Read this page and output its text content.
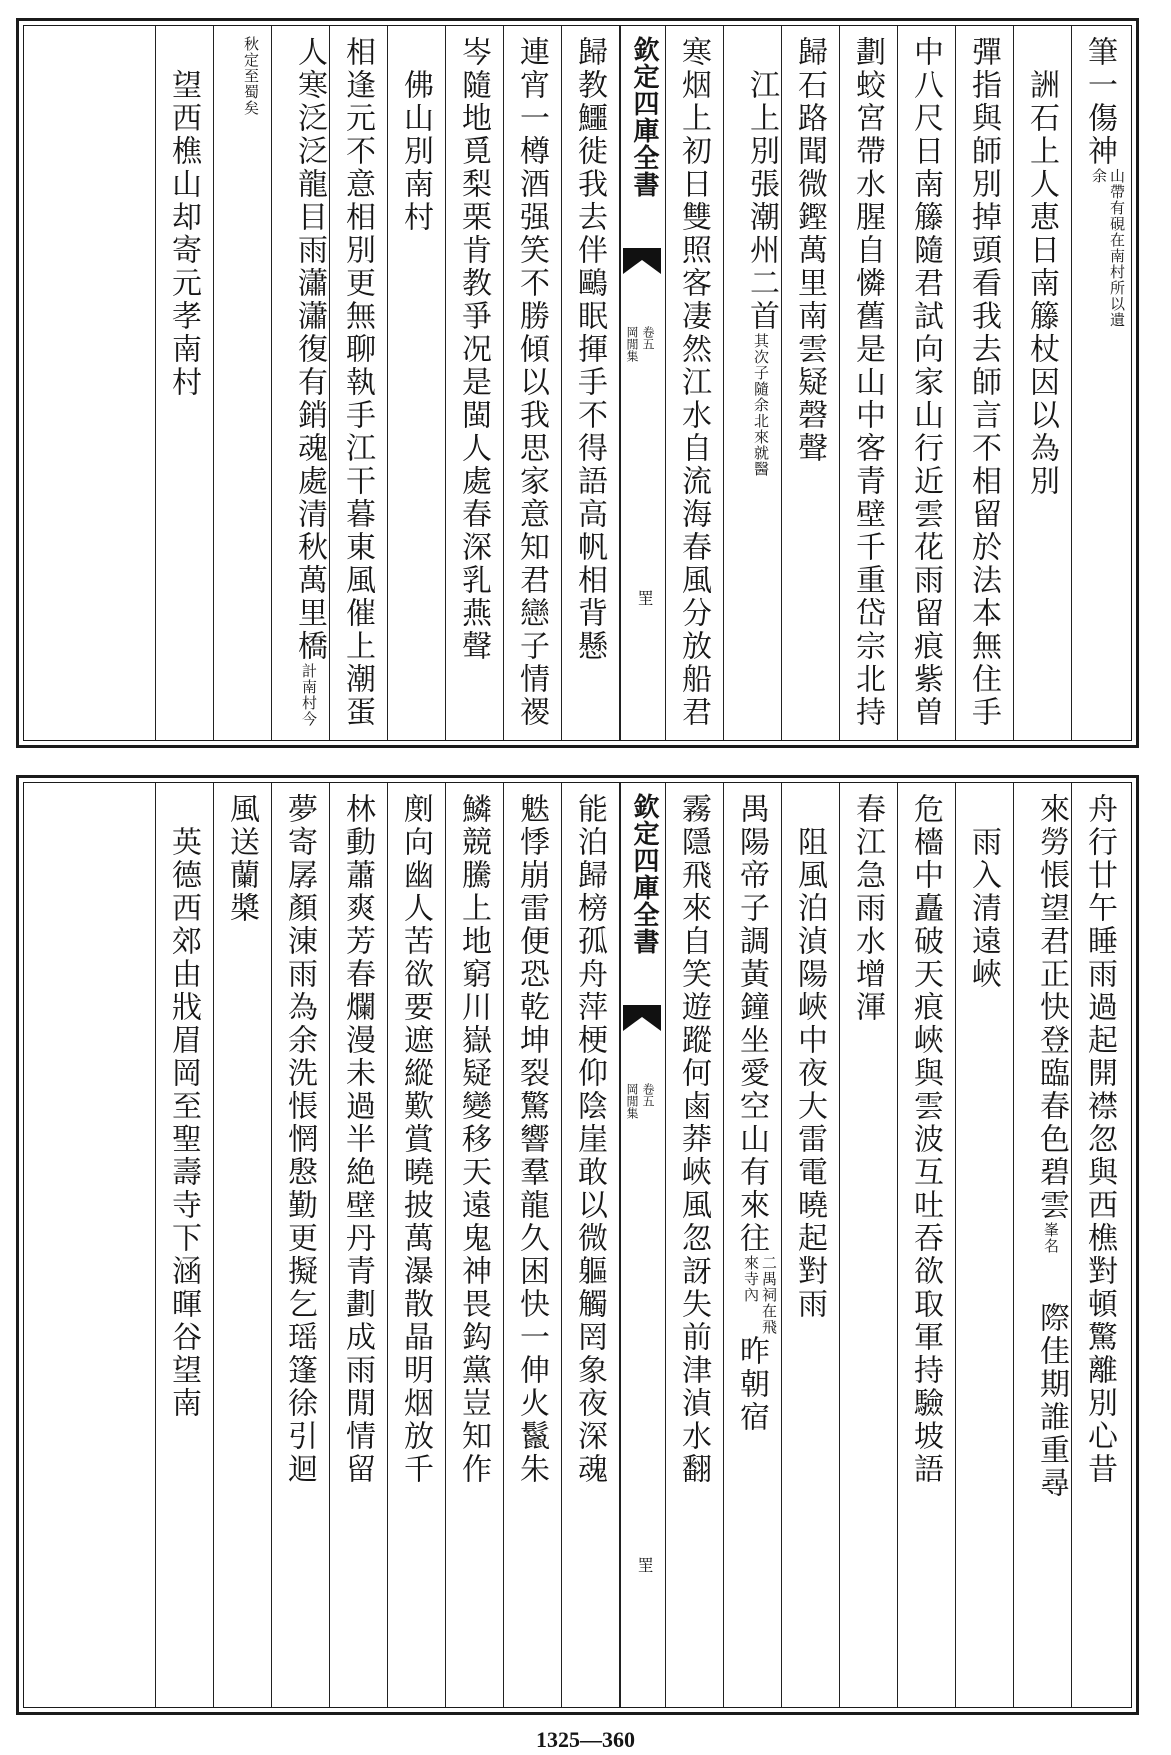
筆一傷神山帶有硯在南村所以遺余
　詶石上人恵日南籐杖因以為別
彈指與師別掉頭看我去師言不相留於法本無住手
中八尺日南籐隨君試向家山行近雲花雨留痕紫曽
劃蛟宮帶水腥自憐舊是山中客青壁千重岱宗北持
歸石路聞微鏗萬里南雲疑磬聲
　江上別張潮州二首其次子隨余北來就醫
寒烟上初日雙照客凄然江水自流海春風分放船君
欽定四庫全書
岡閒集 卷五
罜
歸教鱷徙我去伴鷗眠揮手不得語高帆相背懸
連宵一樽酒强笑不勝傾以我思家意知君戀子情禝
岑隨地覓梨栗肯教爭况是閩人處春深乳燕聲
　佛山別南村
相逢元不意相別更無聊執手江干暮東風催上潮蛋
人寒泛泛龍目雨瀟瀟復有銷魂處清秋萬里橋計南村今
秋定至蜀矣
　望西樵山却寄元孝南村
舟行廿午睡雨過起開襟忽與西樵對頓驚離別心昔
來勞悵望君正快登臨春色碧雲峯名際佳期誰重尋
　雨入清遠峽
危檣中矗破天痕峽與雲波互吐吞欲取軍持驗坡語
春江急雨水增渾
　阻風泊湞陽峽中夜大雷電曉起對雨
禺陽帝子調黃鐘坐愛空山有來往二禺祠在飛來寺內昨朝宿
霧隱飛來自笑遊蹤何鹵莽峽風忽訝失前津湞水翻
欽定四庫全書
岡閒集 卷五
罜
能泊歸榜孤舟萍梗仰陰崖敢以微軀觸罔象夜深魂
䰡悸崩雷便恐乾坤裂驚響羣龍久困快一伸火鬣朱
鱗競騰上地窮川嶽疑變移天遠鬼神畏鈎黨豈知作
剫向幽人苦欲要遮縱歎賞曉披萬瀑散晶明烟放千
林動蕭爽芳春爛漫未過半絶壁丹青劃成雨閒情留
夢寄孱顏涷雨為余洗悵惘慇勤更擬乞瑶篷徐引迴
風送蘭槳
　英德西郊由戕眉岡至聖壽寺下涵暉谷望南
1325—360
